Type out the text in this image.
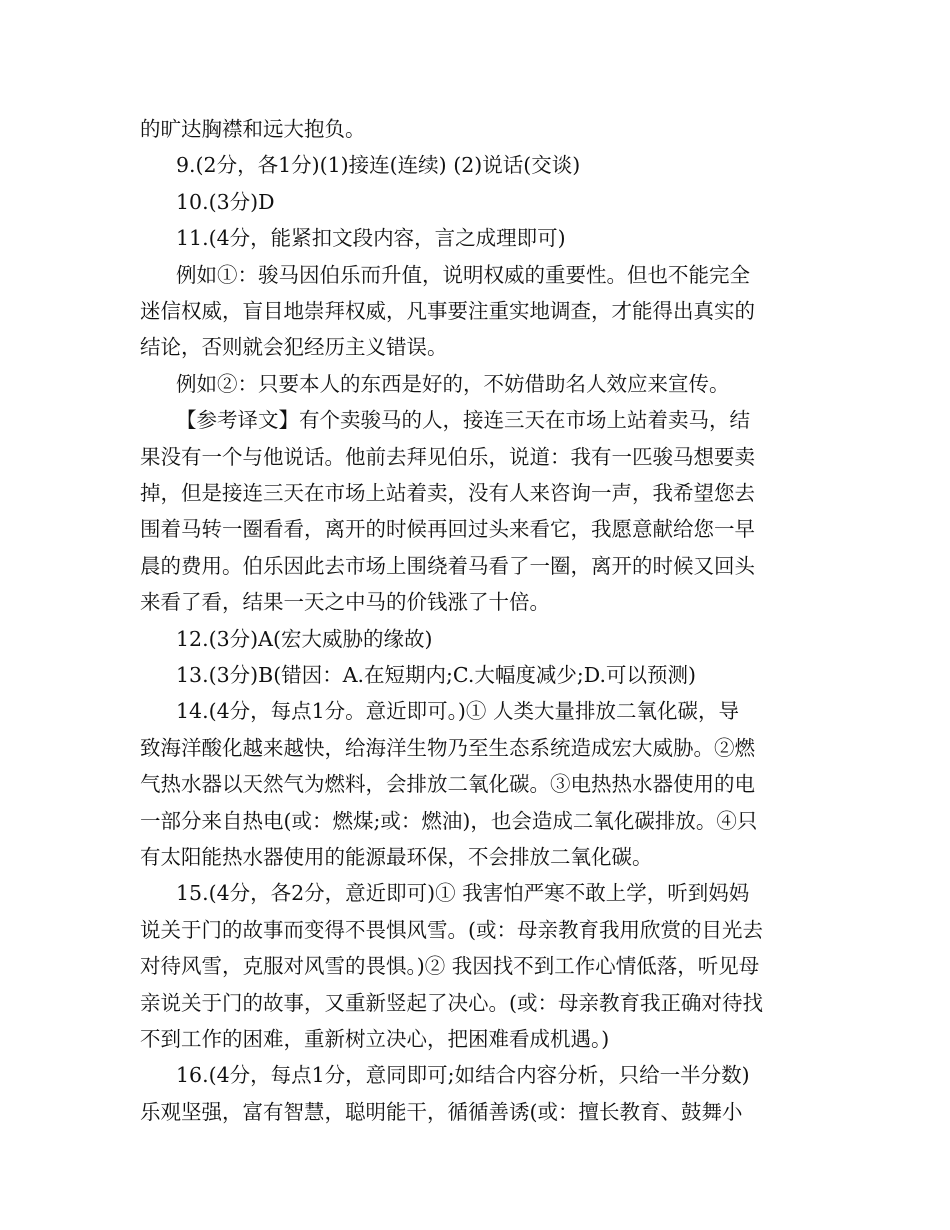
的旷达胸襟和远大抱负。
9.(2分，各1分)(1)接连(连续) (2)说话(交谈)
10.(3分)D
11.(4分，能紧扣文段内容，言之成理即可)
例如①：骏马因伯乐而升值，说明权威的重要性。但也不能完全
迷信权威，盲目地崇拜权威，凡事要注重实地调查，才能得出真实的
结论，否则就会犯经历主义错误。
例如②：只要本人的东西是好的，不妨借助名人效应来宣传。
【参考译文】有个卖骏马的人，接连三天在市场上站着卖马，结
果没有一个与他说话。他前去拜见伯乐，说道：我有一匹骏马想要卖
掉，但是接连三天在市场上站着卖，没有人来咨询一声，我希望您去
围着马转一圈看看，离开的时候再回过头来看它，我愿意献给您一早
晨的费用。伯乐因此去市场上围绕着马看了一圈，离开的时候又回头
来看了看，结果一天之中马的价钱涨了十倍。
12.(3分)A(宏大威胁的缘故)
13.(3分)B(错因：A.在短期内;C.大幅度减少;D.可以预测)
14.(4分，每点1分。意近即可。)① 人类大量排放二氧化碳，导
致海洋酸化越来越快，给海洋生物乃至生态系统造成宏大威胁。②燃
气热水器以天然气为燃料，会排放二氧化碳。③电热热水器使用的电
一部分来自热电(或：燃煤;或：燃油)，也会造成二氧化碳排放。④只
有太阳能热水器使用的能源最环保，不会排放二氧化碳。
15.(4分，各2分，意近即可)① 我害怕严寒不敢上学，听到妈妈
说关于门的故事而变得不畏惧风雪。(或：母亲教育我用欣赏的目光去
对待风雪，克服对风雪的畏惧。)② 我因找不到工作心情低落，听见母
亲说关于门的故事，又重新竖起了决心。(或：母亲教育我正确对待找
不到工作的困难，重新树立决心，把困难看成机遇。)
16.(4分，每点1分，意同即可;如结合内容分析，只给一半分数)
乐观坚强，富有智慧，聪明能干，循循善诱(或：擅长教育、鼓舞小
